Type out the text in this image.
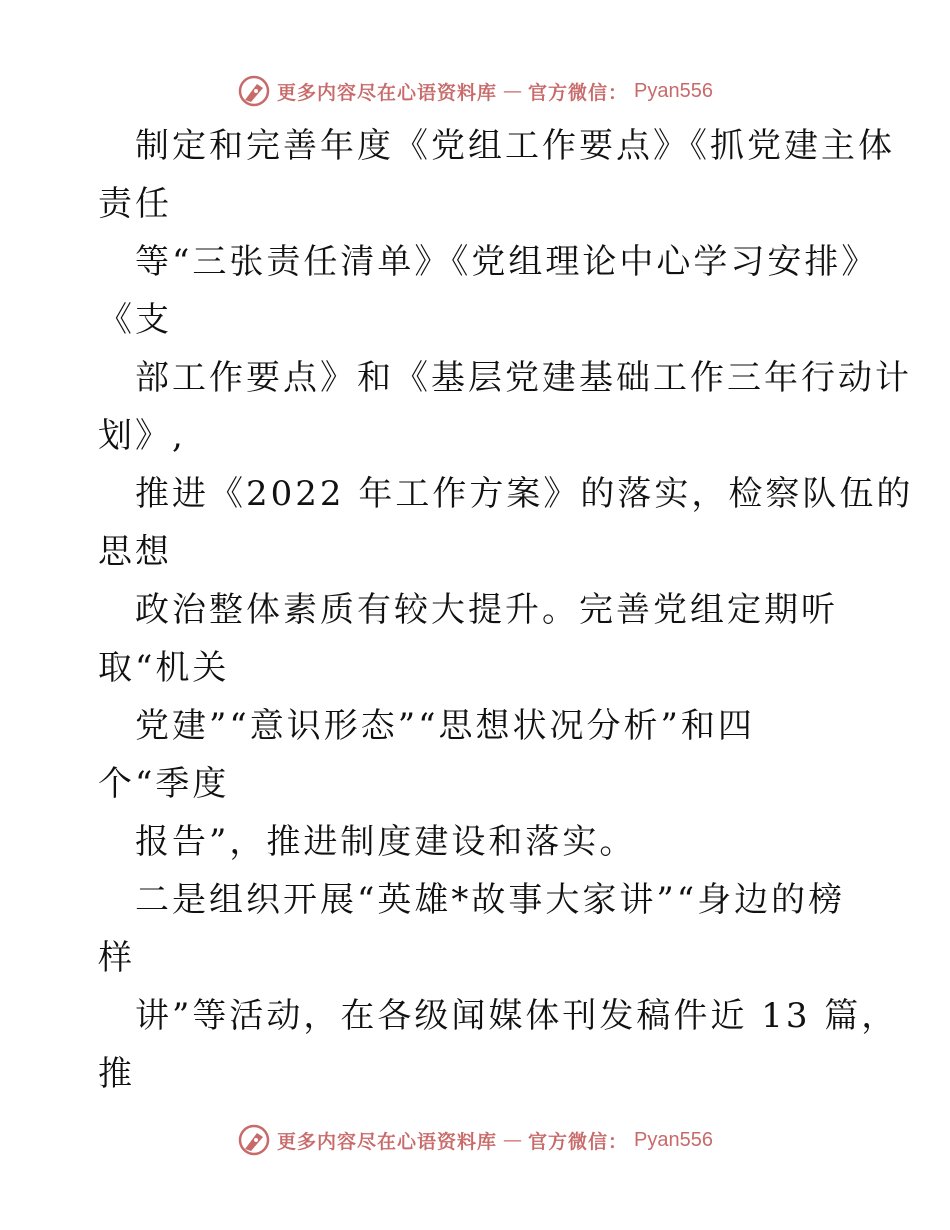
更多内容尽在心语资料库 — 官方微信： Pyan556
制定和完善年度《党组工作要点》《抓党建主体
责任
等“三张责任清单》《党组理论中心学习安排》
《支
部工作要点》和《基层党建基础工作三年行动计
划》,
推进《2022 年工作方案》的落实，检察队伍的
思想
政治整体素质有较大提升。完善党组定期听
取“机关
党建”“意识形态”“思想状况分析”和四
个“季度
报告”，推进制度建设和落实。
二是组织开展“英雄*故事大家讲”“身边的榜
样
讲”等活动，在各级闻媒体刊发稿件近 13 篇，
推
更多内容尽在心语资料库 — 官方微信： Pyan556
